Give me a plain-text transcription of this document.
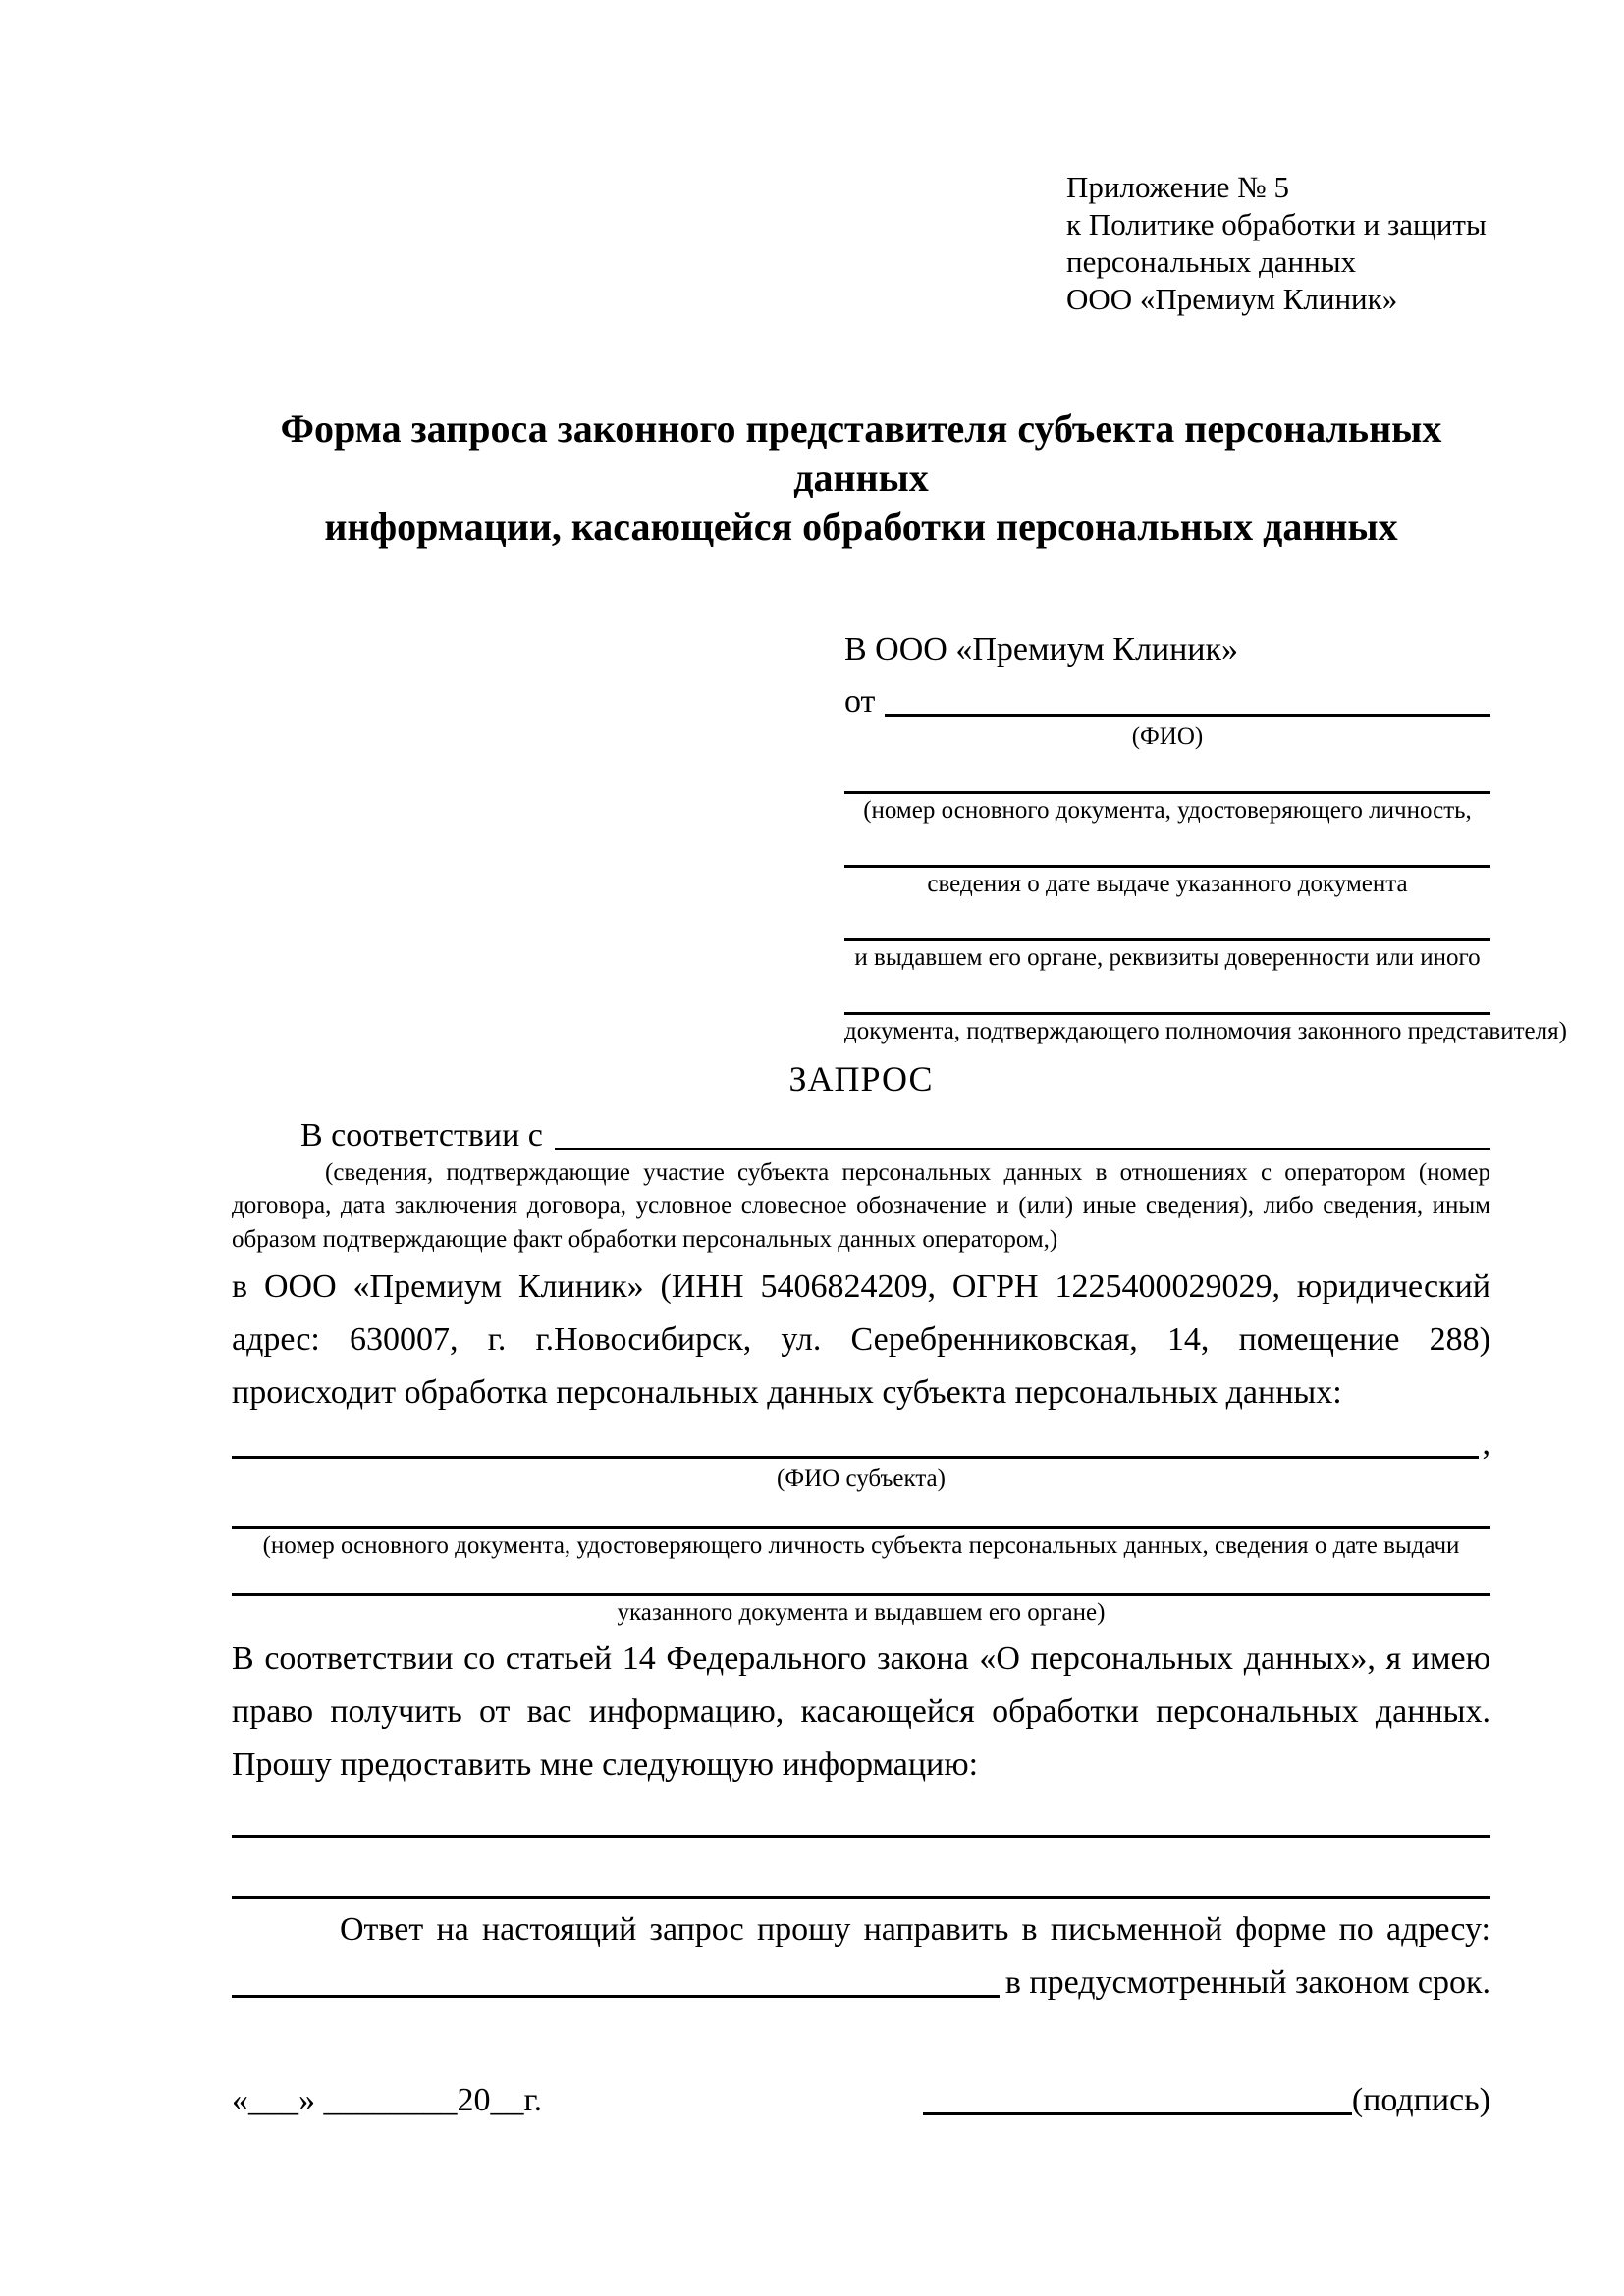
Приложение № 5
к Политике обработки и защиты
персональных данных
ООО «Премиум Клиник»
Форма запроса законного представителя субъекта персональных данных
информации, касающейся обработки персональных данных
В ООО «Премиум Клиник»
от
(ФИО)
(номер основного документа, удостоверяющего личность,
сведения о дате выдаче указанного документа
и выдавшем его органе, реквизиты доверенности или иного
документа, подтверждающего полномочия законного представителя)
ЗАПРОС
В соответствии с

(сведения, подтверждающие участие субъекта персональных данных в отношениях с оператором (номер договора, дата заключения договора, условное словесное обозначение и (или) иные сведения), либо сведения, иным образом подтверждающие факт обработки персональных данных оператором,)

в ООО «Премиум Клиник» (ИНН 5406824209, ОГРН 1225400029029, юридический адрес: 630007, г. г.Новосибирск, ул. Серебренниковская, 14, помещение 288) происходит обработка персональных данных субъекта персональных данных:

,
(ФИО субъекта)
(номер основного документа, удостоверяющего личность субъекта персональных данных, сведения о дате выдачи
указанного документа и выдавшем его органе)

В соответствии со статьей 14 Федерального закона «О персональных данных», я имею право получить от вас информацию, касающейся обработки персональных данных. Прошу предоставить мне следующую информацию:

Ответ на настоящий запрос прошу направить в письменной форме по адресу:

в предусмотренный законом срок.
«___» ________20__г.	(подпись)
